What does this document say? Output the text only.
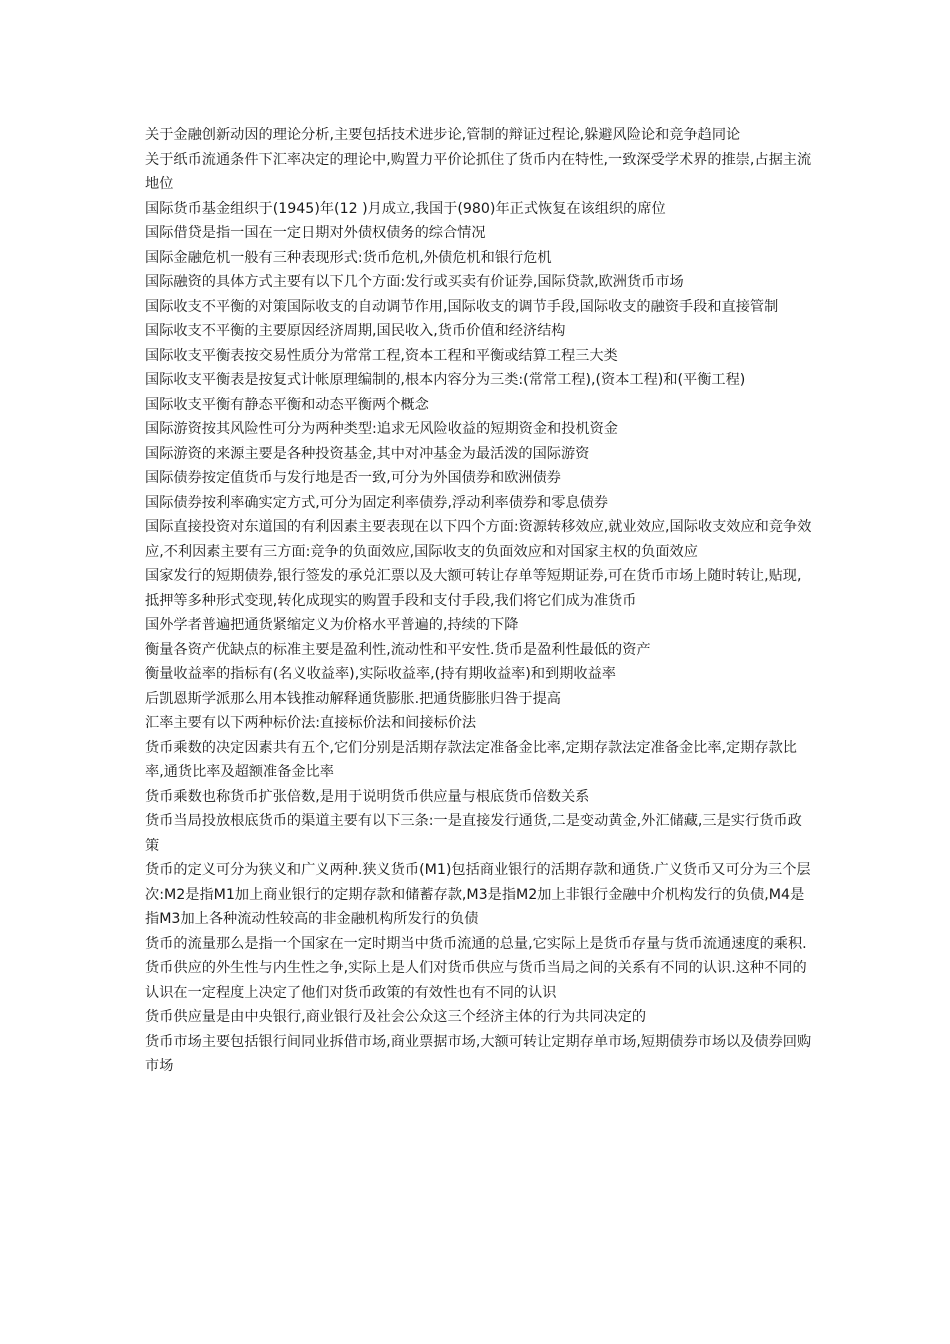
关于金融创新动因的理论分析,主要包括技术进步论,管制的辩证过程论,躲避风险论和竞争趋同论

关于纸币流通条件下汇率决定的理论中,购置力平价论抓住了货币内在特性,一致深受学术界的推崇,占据主流地位

国际货币基金组织于(1945)年(12 )月成立,我国于(980)年正式恢复在该组织的席位

国际借贷是指一国在一定日期对外债权债务的综合情况

国际金融危机一般有三种表现形式:货币危机,外债危机和银行危机

国际融资的具体方式主要有以下几个方面:发行或买卖有价证券,国际贷款,欧洲货币市场

国际收支不平衡的对策国际收支的自动调节作用,国际收支的调节手段,国际收支的融资手段和直接管制

国际收支不平衡的主要原因经济周期,国民收入,货币价值和经济结构

国际收支平衡表按交易性质分为常常工程,资本工程和平衡或结算工程三大类

国际收支平衡表是按复式计帐原理编制的,根本内容分为三类:(常常工程),(资本工程)和(平衡工程)

国际收支平衡有静态平衡和动态平衡两个概念

国际游资按其风险性可分为两种类型:追求无风险收益的短期资金和投机资金

国际游资的来源主要是各种投资基金,其中对冲基金为最活泼的国际游资

国际债券按定值货币与发行地是否一致,可分为外国债券和欧洲债券

国际债券按利率确实定方式,可分为固定利率债券,浮动利率债券和零息债券

国际直接投资对东道国的有利因素主要表现在以下四个方面:资源转移效应,就业效应,国际收支效应和竞争效应,不利因素主要有三方面:竞争的负面效应,国际收支的负面效应和对国家主权的负面效应

国家发行的短期债券,银行签发的承兑汇票以及大额可转让存单等短期证券,可在货币市场上随时转让,贴现,抵押等多种形式变现,转化成现实的购置手段和支付手段,我们将它们成为准货币

国外学者普遍把通货紧缩定义为价格水平普遍的,持续的下降

衡量各资产优缺点的标准主要是盈利性,流动性和平安性.货币是盈利性最低的资产

衡量收益率的指标有(名义收益率),实际收益率,(持有期收益率)和到期收益率

后凯恩斯学派那么用本钱推动解释通货膨胀.把通货膨胀归咎于提高

汇率主要有以下两种标价法:直接标价法和间接标价法

货币乘数的决定因素共有五个,它们分别是活期存款法定准备金比率,定期存款法定准备金比率,定期存款比率,通货比率及超额准备金比率

货币乘数也称货币扩张倍数,是用于说明货币供应量与根底货币倍数关系

货币当局投放根底货币的渠道主要有以下三条:一是直接发行通货,二是变动黄金,外汇储藏,三是实行货币政策

货币的定义可分为狭义和广义两种.狭义货币(M1)包括商业银行的活期存款和通货.广义货币又可分为三个层次:M2是指M1加上商业银行的定期存款和储蓄存款,M3是指M2加上非银行金融中介机构发行的负债,M4是指M3加上各种流动性较高的非金融机构所发行的负债

货币的流量那么是指一个国家在一定时期当中货币流通的总量,它实际上是货币存量与货币流通速度的乘积.

货币供应的外生性与内生性之争,实际上是人们对货币供应与货币当局之间的关系有不同的认识.这种不同的认识在一定程度上决定了他们对货币政策的有效性也有不同的认识

货币供应量是由中央银行,商业银行及社会公众这三个经济主体的行为共同决定的

货币市场主要包括银行间同业拆借市场,商业票据市场,大额可转让定期存单市场,短期债券市场以及债券回购市场
